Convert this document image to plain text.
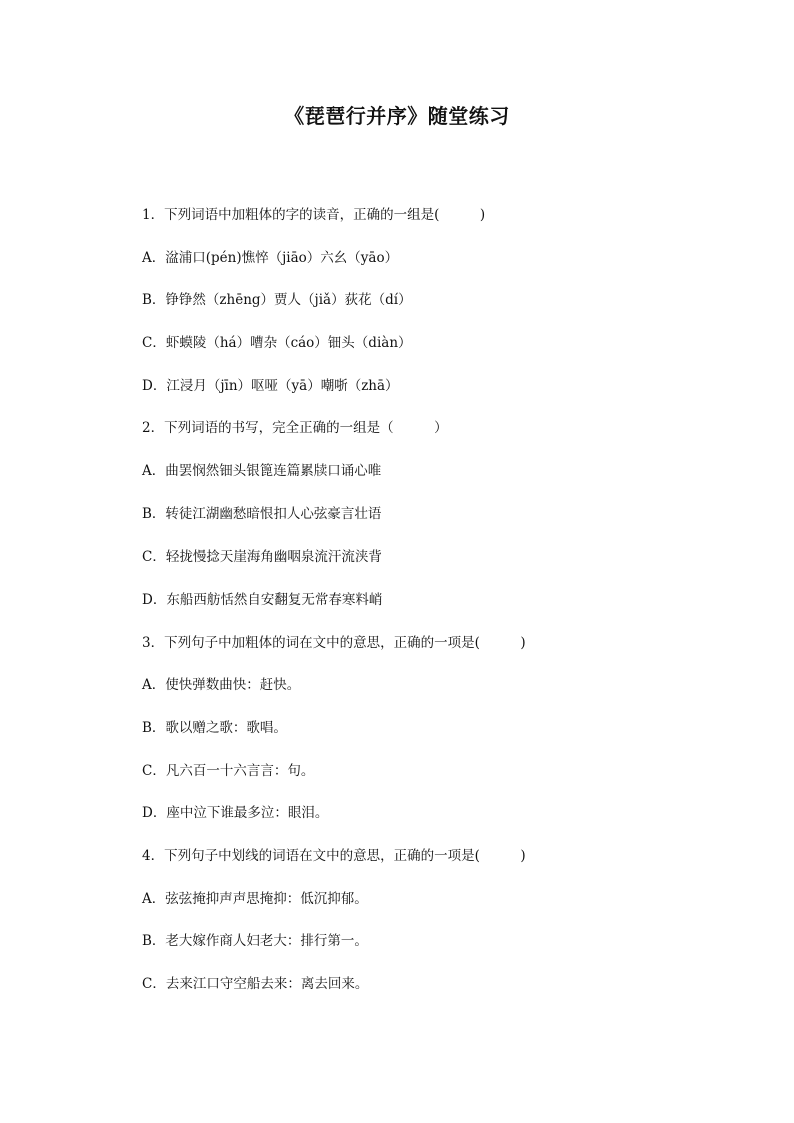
《琵琶行并序》随堂练习
1．下列词语中加粗体的字的读音，正确的一组是(　　　)
A．湓浦口(pén)憔悴（jiāo）六幺（yāo）
B．铮铮然（zhēng）贾人（jiǎ）荻花（dí）
C．虾蟆陵（há）嘈杂（cáo）钿头（diàn）
D．江浸月（jīn）呕哑（yā）嘲哳（zhā）
2．下列词语的书写，完全正确的一组是（　　　）
A．曲罢悯然钿头银篦连篇累牍口诵心唯
B．转徒江湖幽愁暗恨扣人心弦豪言壮语
C．轻拢慢捻天崖海角幽咽泉流汗流浃背
D．东船西舫恬然自安翻复无常春寒料峭
3．下列句子中加粗体的词在文中的意思，正确的一项是(　　　)
A．使快弹数曲快：赶快。
B．歌以赠之歌：歌唱。
C．凡六百一十六言言：句。
D．座中泣下谁最多泣：眼泪。
4．下列句子中划线的词语在文中的意思，正确的一项是(　　　)
A．弦弦掩抑声声思掩抑：低沉抑郁。
B．老大嫁作商人妇老大：排行第一。
C．去来江口守空船去来：离去回来。
